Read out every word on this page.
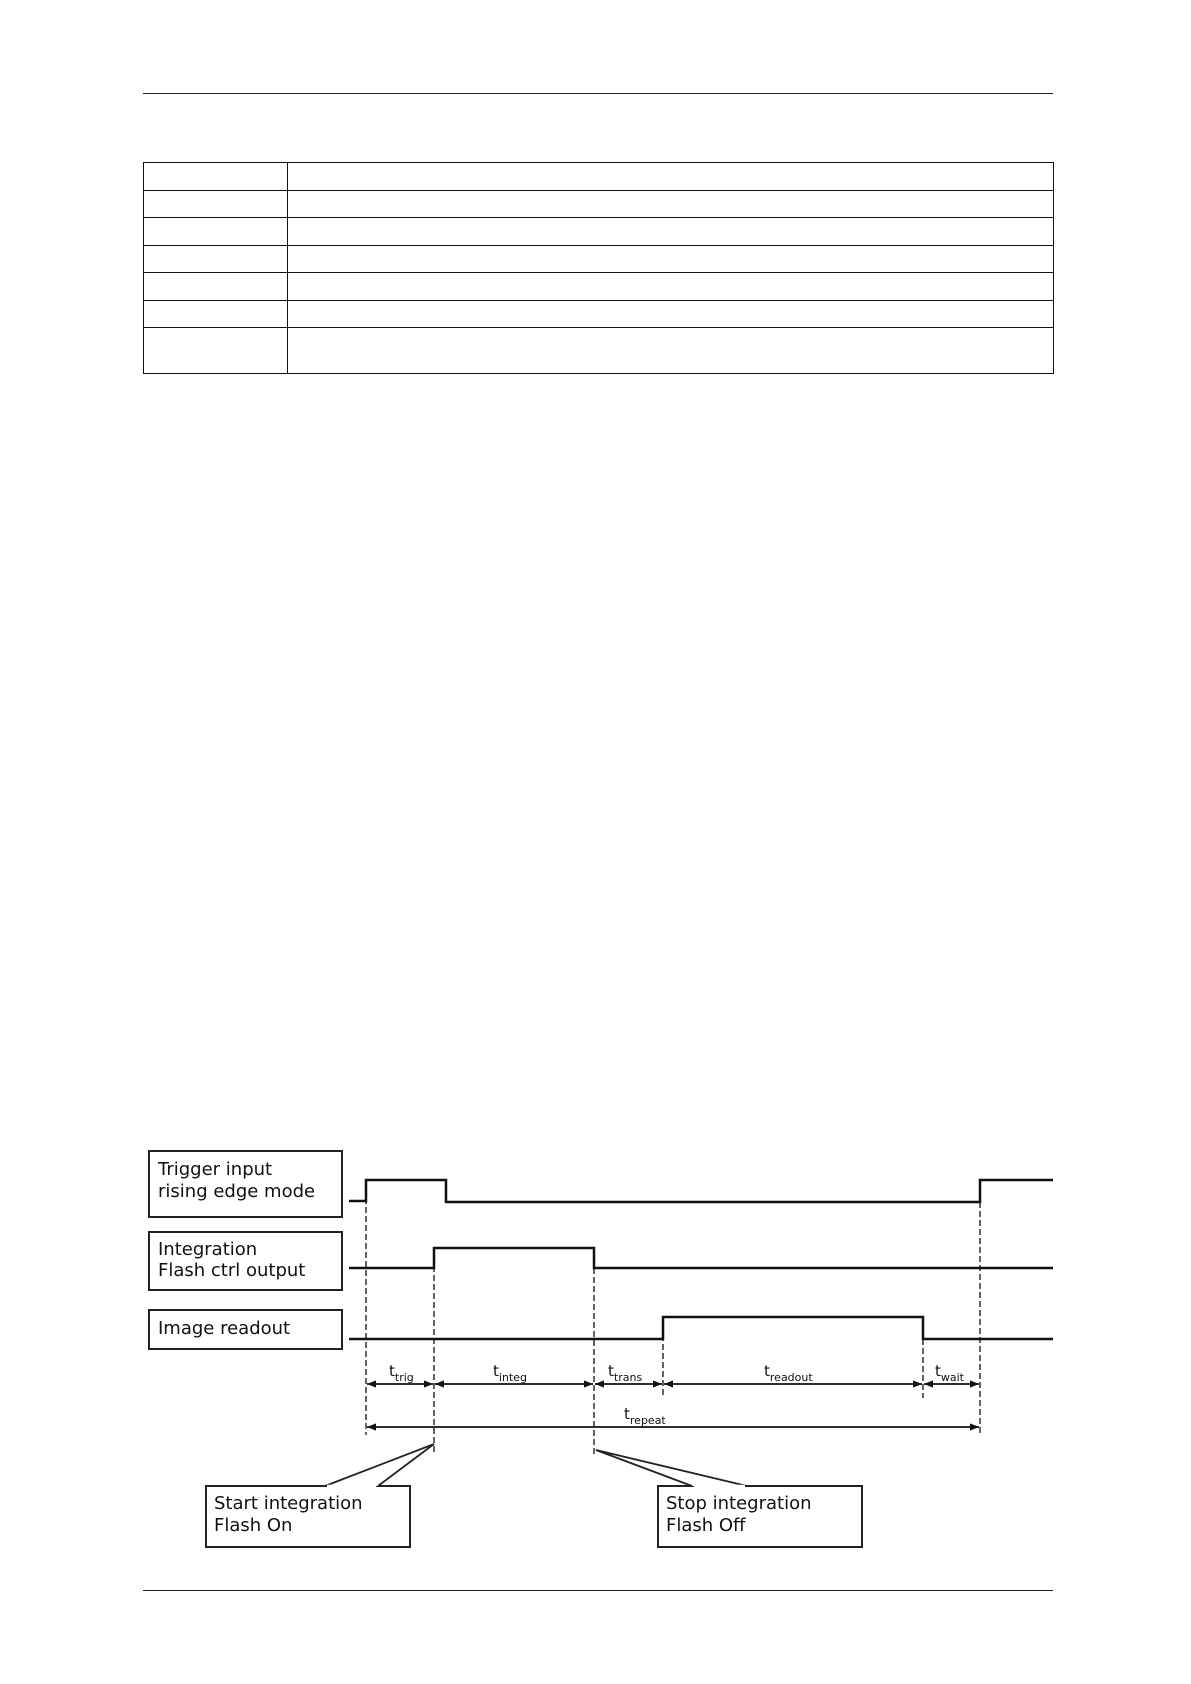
Trigger input
rising edge mode
Integration
Flash ctrl output
Image readout
$t_{trig}$	$t_{integ}$	$t_{trans}$	$t_{readout}$	$t_{wait}$
$t_{repeat}$
Start integration
Flash On
Stop integration
Flash Off
